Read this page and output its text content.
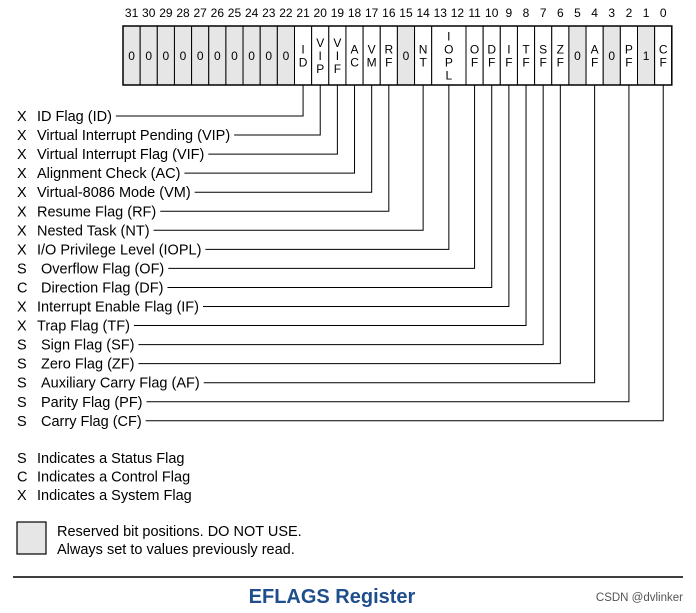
31 30 29 28 27 26 25 24 23 22 21 20 19 18 17 16 15 14 13 12 11 10 9 8 7 6 5 4 3 2 1 0
0 0 0 0 0 0 0 0 0 0 I
D
V
I
P
V
I
F
A
C
V
M
R
F 0 N
T
I
O
P
L
O
F
D
F
I
F
T
F
S
F
Z
F 0 A
F 0 P
F 1 C
F
X ID Flag (ID)
X Virtual Interrupt Pending (VIP)
X Virtual Interrupt Flag (VIF)
X Alignment Check (AC)
X Virtual-8086 Mode (VM)
X Resume Flag (RF)
X Nested Task (NT)
X I/O Privilege Level (IOPL)
S Overflow Flag (OF)
C Direction Flag (DF)
X Interrupt Enable Flag (IF)
X Trap Flag (TF)
S Sign Flag (SF)
S Zero Flag (ZF)
S Auxiliary Carry Flag (AF)
S Parity Flag (PF)
S Carry Flag (CF)
S Indicates a Status Flag
C Indicates a Control Flag
X Indicates a System Flag
Reserved bit positions. DO NOT USE.
Always set to values previously read.
EFLAGS Register	CSDN @dvlinker
